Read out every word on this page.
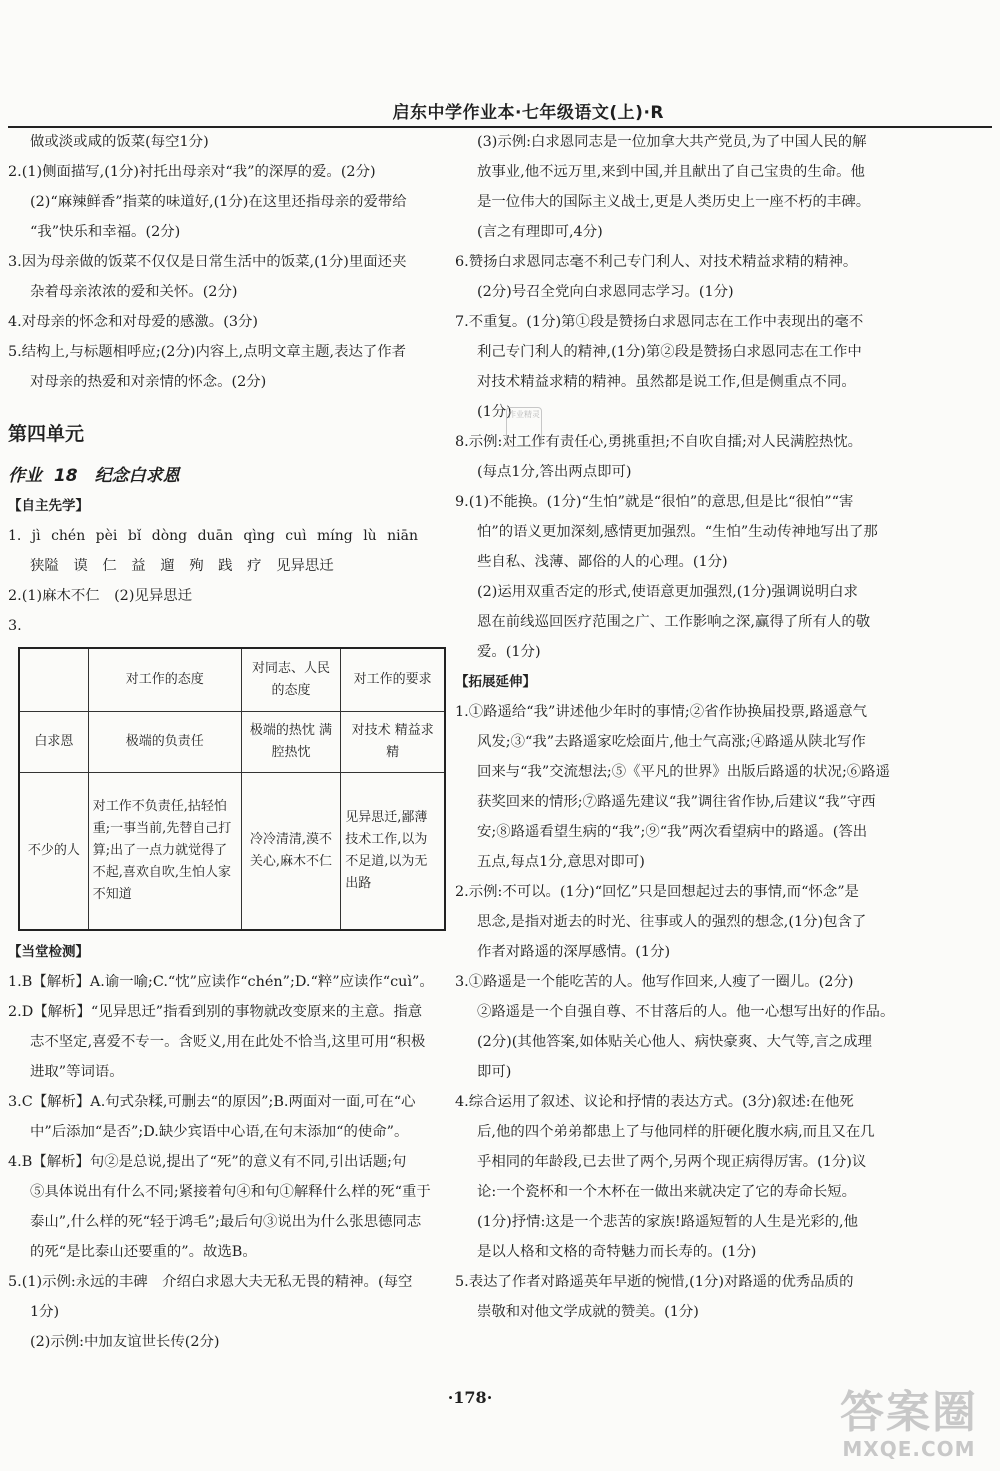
启东中学作业本·七年级语文(上)·R
做或淡或咸的饭菜(每空1分)
2.(1)侧面描写,(1分)衬托出母亲对“我”的深厚的爱。(2分)
(2)“麻辣鲜香”指菜的味道好,(1分)在这里还指母亲的爱带给
“我”快乐和幸福。(2分)
3.因为母亲做的饭菜不仅仅是日常生活中的饭菜,(1分)里面还夹
杂着母亲浓浓的爱和关怀。(2分)
4.对母亲的怀念和对母爱的感激。(3分)
5.结构上,与标题相呼应;(2分)内容上,点明文章主题,表达了作者
对母亲的热爱和对亲情的怀念。(2分)
第四单元
作业 18　纪念白求恩
【自主先学】
1. jì chén pèi bǐ dòng duān qìng cuì míng lù niān
狭隘 谟 仁 益 遛 殉 践 疗 见异思迁
2.(1)麻木不仁　(2)见异思迁
3.
	对工作的态度	对同志、人民的态度	对工作的要求
白求恩	极端的负责任	极端的热忱 满腔热忱	对技术 精益求精
不少的人	对工作不负责任,拈轻怕重;一事当前,先替自己打算;出了一点力就觉得了不起,喜欢自吹,生怕人家不知道	冷冷清清,漠不关心,麻木不仁	见异思迁,鄙薄技术工作,以为不足道,以为无出路
【当堂检测】
1.B【解析】A.谕一喻;C.“忱”应读作“chén”;D.“粹”应读作“cuì”。
2.D【解析】“见异思迁”指看到别的事物就改变原来的主意。指意
志不坚定,喜爱不专一。含贬义,用在此处不恰当,这里可用“积极
进取”等词语。
3.C【解析】A.句式杂糅,可删去“的原因”;B.两面对一面,可在“心
中”后添加“是否”;D.缺少宾语中心语,在句末添加“的使命”。
4.B【解析】句②是总说,提出了“死”的意义有不同,引出话题;句
⑤具体说出有什么不同;紧接着句④和句①解释什么样的死“重于
泰山”,什么样的死“轻于鸿毛”;最后句③说出为什么张思德同志
的死“是比泰山还要重的”。故选B。
5.(1)示例:永远的丰碑　介绍白求恩大夫无私无畏的精神。(每空
1分)
(2)示例:中加友谊世长传(2分)
(3)示例:白求恩同志是一位加拿大共产党员,为了中国人民的解
放事业,他不远万里,来到中国,并且献出了自己宝贵的生命。他
是一位伟大的国际主义战士,更是人类历史上一座不朽的丰碑。
(言之有理即可,4分)
6.赞扬白求恩同志毫不利己专门利人、对技术精益求精的精神。
(2分)号召全党向白求恩同志学习。(1分)
7.不重复。(1分)第①段是赞扬白求恩同志在工作中表现出的毫不
利己专门利人的精神,(1分)第②段是赞扬白求恩同志在工作中
对技术精益求精的精神。虽然都是说工作,但是侧重点不同。
(1分)
8.示例:对工作有责任心,勇挑重担;不自吹自擂;对人民满腔热忱。
(每点1分,答出两点即可)
9.(1)不能换。(1分)“生怕”就是“很怕”的意思,但是比“很怕”“害
怕”的语义更加深刻,感情更加强烈。“生怕”生动传神地写出了那
些自私、浅薄、鄙俗的人的心理。(1分)
(2)运用双重否定的形式,使语意更加强烈,(1分)强调说明白求
恩在前线巡回医疗范围之广、工作影响之深,赢得了所有人的敬
爱。(1分)
【拓展延伸】
1.①路遥给“我”讲述他少年时的事情;②省作协换届投票,路遥意气
风发;③“我”去路遥家吃烩面片,他士气高涨;④路遥从陕北写作
回来与“我”交流想法;⑤《平凡的世界》出版后路遥的状况;⑥路遥
获奖回来的情形;⑦路遥先建议“我”调往省作协,后建议“我”守西
安;⑧路遥看望生病的“我”;⑨“我”两次看望病中的路遥。(答出
五点,每点1分,意思对即可)
2.示例:不可以。(1分)“回忆”只是回想起过去的事情,而“怀念”是
思念,是指对逝去的时光、往事或人的强烈的想念,(1分)包含了
作者对路遥的深厚感情。(1分)
3.①路遥是一个能吃苦的人。他写作回来,人瘦了一圈儿。(2分)
②路遥是一个自强自尊、不甘落后的人。他一心想写出好的作品。
(2分)(其他答案,如体贴关心他人、病快豪爽、大气等,言之成理
即可)
4.综合运用了叙述、议论和抒情的表达方式。(3分)叙述:在他死
后,他的四个弟弟都患上了与他同样的肝硬化腹水病,而且又在几
乎相同的年龄段,已去世了两个,另两个现正病得厉害。(1分)议
论:一个瓷杯和一个木杯在一做出来就决定了它的寿命长短。
(1分)抒情:这是一个悲苦的家族!路遥短暂的人生是光彩的,他
是以人格和文格的奇特魅力而长寿的。(1分)
5.表达了作者对路遥英年早逝的惋惜,(1分)对路遥的优秀品质的
崇敬和对他文学成就的赞美。(1分)
作业精灵
·178·	答案圈
MXQE.COM
